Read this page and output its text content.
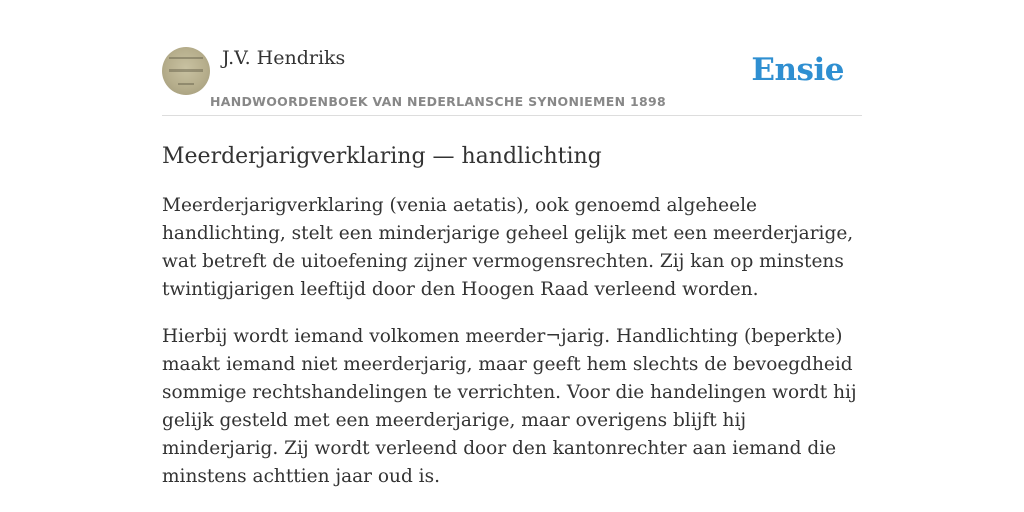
J.V. Hendriks
HANDWOORDENBOEK VAN NEDERLANSCHE SYNONIEMEN 1898
Ensie
Meerderjarigverklaring — handlichting

Meerderjarigverklaring (venia aetatis), ook genoemd algeheele handlichting, stelt een minderjarige geheel gelijk met een meerderjarige, wat betreft de uitoefening zijner vermogensrechten. Zij kan op minstens twintigjarigen leeftijd door den Hoogen Raad verleend worden.

Hierbij wordt iemand volkomen meerder¬jarig. Handlichting (beperkte) maakt iemand niet meerderjarig, maar geeft hem slechts de bevoegdheid sommige rechtshandelingen te verrichten. Voor die handelingen wordt hij gelijk gesteld met een meerderjarige, maar overigens blijft hij minderjarig. Zij wordt verleend door den kantonrechter aan iemand die minstens achttien jaar oud is.
